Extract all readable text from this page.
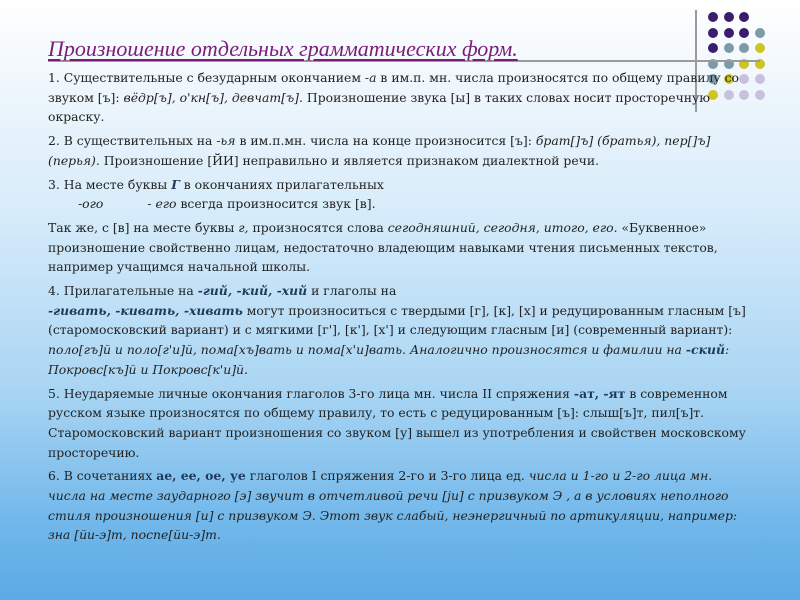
Произношение отдельных грамматических форм.

1. Существительные с безударным окончанием -а в им.п. мн. числа произносятся по общему правилу со звуком [ъ]: вёдр[ъ], о'кн[ъ], девчат[ъ]. Произношение звука [ы] в таких словах носит просторечную окраску.

2. В существительных на -ья в им.п.мн. числа на конце произносится [ъ]: брат[]ъ] (братья), пер[]ъ] (перья). Произношение [ЙИ] неправильно и является признаком диалектной речи.

3. На месте буквы Г в окончаниях прилагательных
-ого	- его всегда произносится звук [в].

Так же, с [в] на месте буквы г, произносятся слова сегодняшний, сегодня, итого, его. «Буквенное» произношение свойственно лицам, недостаточно владеющим навыками чтения письменных текстов, например учащимся начальной школы.

4. Прилагательные на -гий, -кий, -хий и глаголы на
-гивать, -кивать, -хивать могут произноситься с твердыми [г], [к], [х] и редуцированным гласным [ъ] (старомосковский вариант) и с мягкими [г'], [к'], [х'] и следующим гласным [и] (современный вариант): поло[гъ]й и поло[г'и]й, пома[хъ]вать и пома[х'и]вать. Аналогично произносятся и фамилии на -ский: Покровс[къ]й и Покровс[к'и]й.

5. Неударяемые личные окончания глаголов 3-го лица мн. числа II спряжения -ат, -ят в современном русском языке произносятся по общему правилу, то есть с редуцированным [ъ]: слыш[ъ]т, пил[ъ]т. Старомосковский вариант произношения со звуком [у] вышел из употребления и свойствен московскому просторечию.

6. В сочетаниях ае, ее, ое, уе глаголов I спряжения 2-го и 3-го лица ед. числа и 1-го и 2-го лица мн. числа на месте заударного [э] звучит в отчетливой речи [ји] с призвуком Э , а в условиях неполного стиля произношения [и] с призвуком Э. Этот звук слабый, неэнергичный по артикуляции, например: зна [йи-э]т, поспе[йи-э]т.
